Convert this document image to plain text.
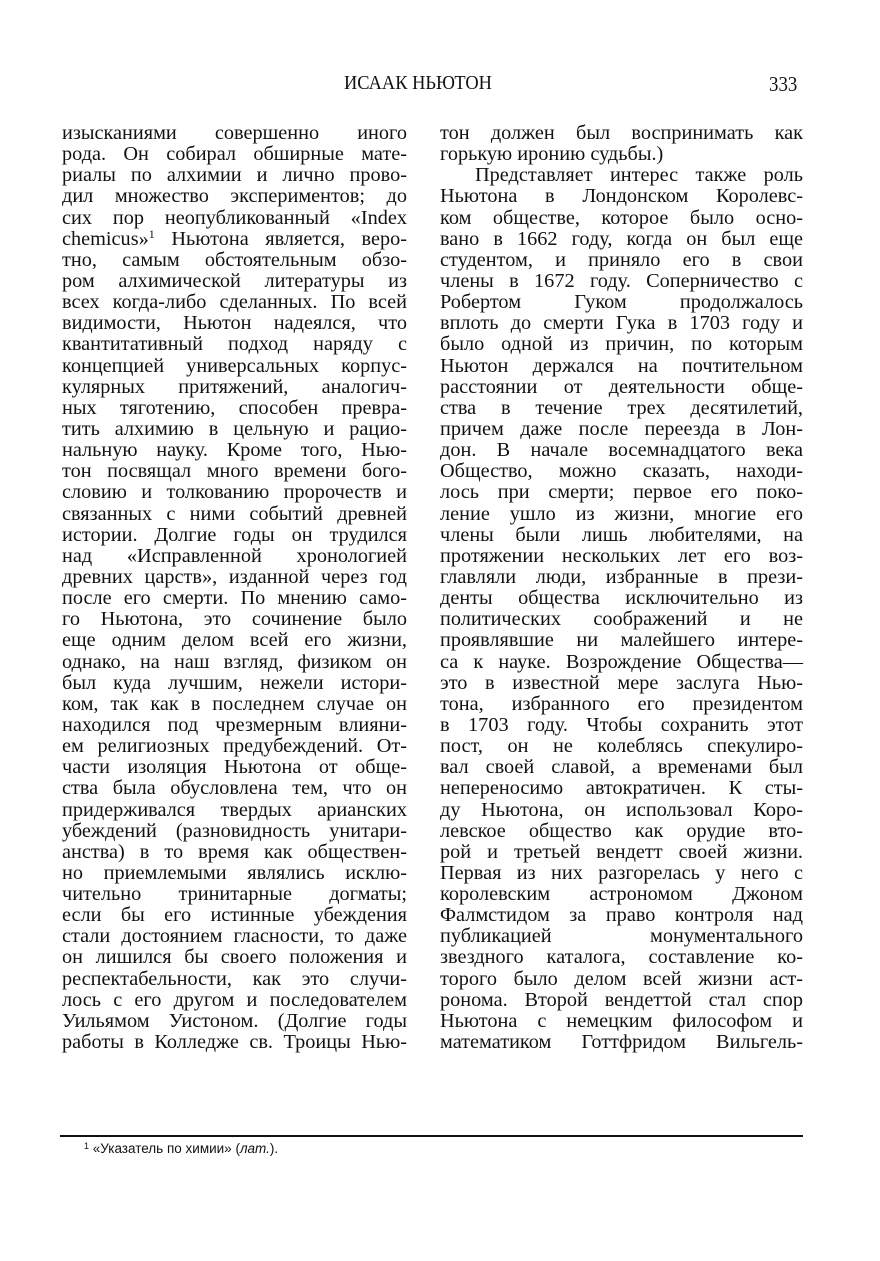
ИСААК НЬЮТОН	333
изысканиями совершенно иного
рода. Он собирал обширные мате-
риалы по алхимии и лично прово-
дил множество экспериментов; до
сих пор неопубликованный «Index
chemicus»$^1$ Ньютона является, веро-
тно, самым обстоятельным обзо-
ром алхимической литературы из
всех когда-либо сделанных. По всей
видимости, Ньютон надеялся, что
квантитативный подход наряду с
концепцией универсальных корпус-
кулярных притяжений, аналогич-
ных тяготению, способен превра-
тить алхимию в цельную и рацио-
нальную науку. Кроме того, Нью-
тон посвящал много времени бого-
словию и толкованию пророчеств и
связанных с ними событий древней
истории. Долгие годы он трудился
над «Исправленной хронологией
древних царств», изданной через год
после его смерти. По мнению само-
го Ньютона, это сочинение было
еще одним делом всей его жизни,
однако, на наш взгляд, физиком он
был куда лучшим, нежели истори-
ком, так как в последнем случае он
находился под чрезмерным влияни-
ем религиозных предубеждений. От-
части изоляция Ньютона от обще-
ства была обусловлена тем, что он
придерживался твердых арианских
убеждений (разновидность унитари-
анства) в то время как обществен-
но приемлемыми являлись исклю-
чительно тринитарные догматы;
если бы его истинные убеждения
стали достоянием гласности, то даже
он лишился бы своего положения и
респектабельности, как это случи-
лось с его другом и последователем
Уильямом Уистоном. (Долгие годы
работы в Колледже св. Троицы Нью-
тон должен был воспринимать как
горькую иронию судьбы.)
Представляет интерес также роль
Ньютона в Лондонском Королевс-
ком обществе, которое было осно-
вано в 1662 году, когда он был еще
студентом, и приняло его в свои
члены в 1672 году. Соперничество с
Робертом Гуком продолжалось
вплоть до смерти Гука в 1703 году и
было одной из причин, по которым
Ньютон держался на почтительном
расстоянии от деятельности обще-
ства в течение трех десятилетий,
причем даже после переезда в Лон-
дон. В начале восемнадцатого века
Общество, можно сказать, находи-
лось при смерти; первое его поко-
ление ушло из жизни, многие его
члены были лишь любителями, на
протяжении нескольких лет его воз-
главляли люди, избранные в прези-
денты общества исключительно из
политических соображений и не
проявлявшие ни малейшего интере-
са к науке. Возрождение Общества—
это в известной мере заслуга Нью-
тона, избранного его президентом
в 1703 году. Чтобы сохранить этот
пост, он не колеблясь спекулиро-
вал своей славой, а временами был
непереносимо автократичен. К сты-
ду Ньютона, он использовал Коро-
левское общество как орудие вто-
рой и третьей вендетт своей жизни.
Первая из них разгорелась у него с
королевским астрономом Джоном
Фалмстидом за право контроля над
публикацией монументального
звездного каталога, составление ко-
торого было делом всей жизни аст-
ронома. Второй вендеттой стал спор
Ньютона с немецким философом и
математиком Готтфридом Вильгель-
$^1$ «Указатель по химии» (лат.).
